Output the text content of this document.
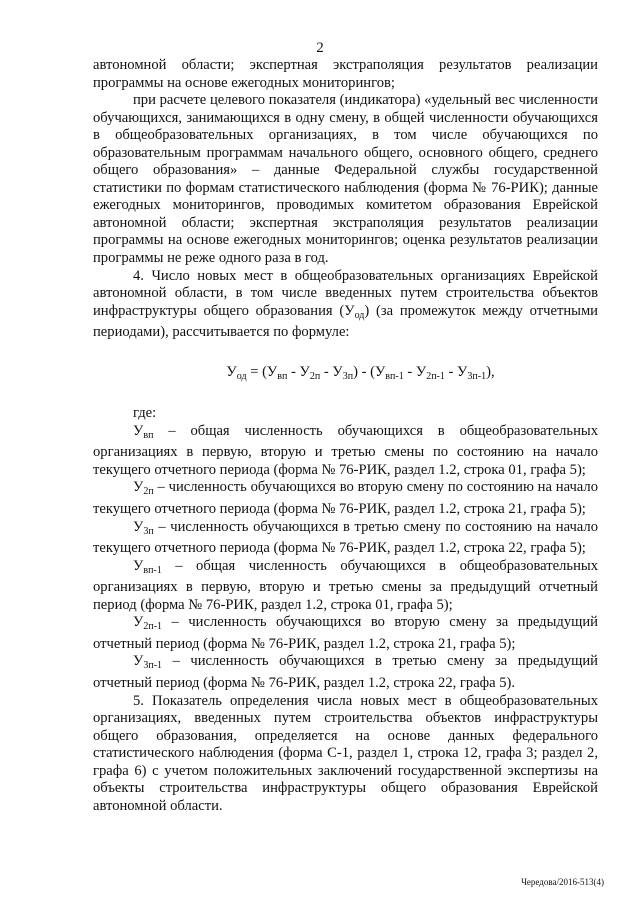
2

автономной области; экспертная экстраполяция результатов реализации программы на основе ежегодных мониторингов;

при расчете целевого показателя (индикатора) «удельный вес численности обучающихся, занимающихся в одну смену, в общей численности обучающихся в общеобразовательных организациях, в том числе обучающихся по образовательным программам начального общего, основного общего, среднего общего образования» – данные Федеральной службы государственной статистики по формам статистического наблюдения (форма № 76-РИК); данные ежегодных мониторингов, проводимых комитетом образования Еврейской автономной области; экспертная экстраполяция результатов реализации программы на основе ежегодных мониторингов; оценка результатов реализации программы не реже одного раза в год.

4. Число новых мест в общеобразовательных организациях Еврейской автономной области, в том числе введенных путем строительства объектов инфраструктуры общего образования $(У_{од})$ (за промежуток между отчетными периодами), рассчитывается по формуле:

$У_{од} = (У_{вп} - У_{2п} - У_{3п}) - (У_{вп-1} - У_{2п-1} - У_{3п-1})$,

где:

$У_{вп}$ – общая численность обучающихся в общеобразовательных организациях в первую, вторую и третью смены по состоянию на начало текущего отчетного периода (форма № 76-РИК, раздел 1.2, строка 01, графа 5);

$У_{2п}$ – численность обучающихся во вторую смену по состоянию на начало текущего отчетного периода (форма № 76-РИК, раздел 1.2, строка 21, графа 5);

$У_{3п}$ – численность обучающихся в третью смену по состоянию на начало текущего отчетного периода (форма № 76-РИК, раздел 1.2, строка 22, графа 5);

$У_{вп-1}$ – общая численность обучающихся в общеобразовательных организациях в первую, вторую и третью смены за предыдущий отчетный период (форма № 76-РИК, раздел 1.2, строка 01, графа 5);

$У_{2п-1}$ – численность обучающихся во вторую смену за предыдущий отчетный период (форма № 76-РИК, раздел 1.2, строка 21, графа 5);

$У_{3п-1}$ – численность обучающихся в третью смену за предыдущий отчетный период (форма № 76-РИК, раздел 1.2, строка 22, графа 5).

5. Показатель определения числа новых мест в общеобразовательных организациях, введенных путем строительства объектов инфраструктуры общего образования, определяется на основе данных федерального статистического наблюдения (форма С-1, раздел 1, строка 12, графа 3; раздел 2, графа 6) с учетом положительных заключений государственной экспертизы на объекты строительства инфраструктуры общего образования Еврейской автономной области.

Чередова/2016-513(4)
